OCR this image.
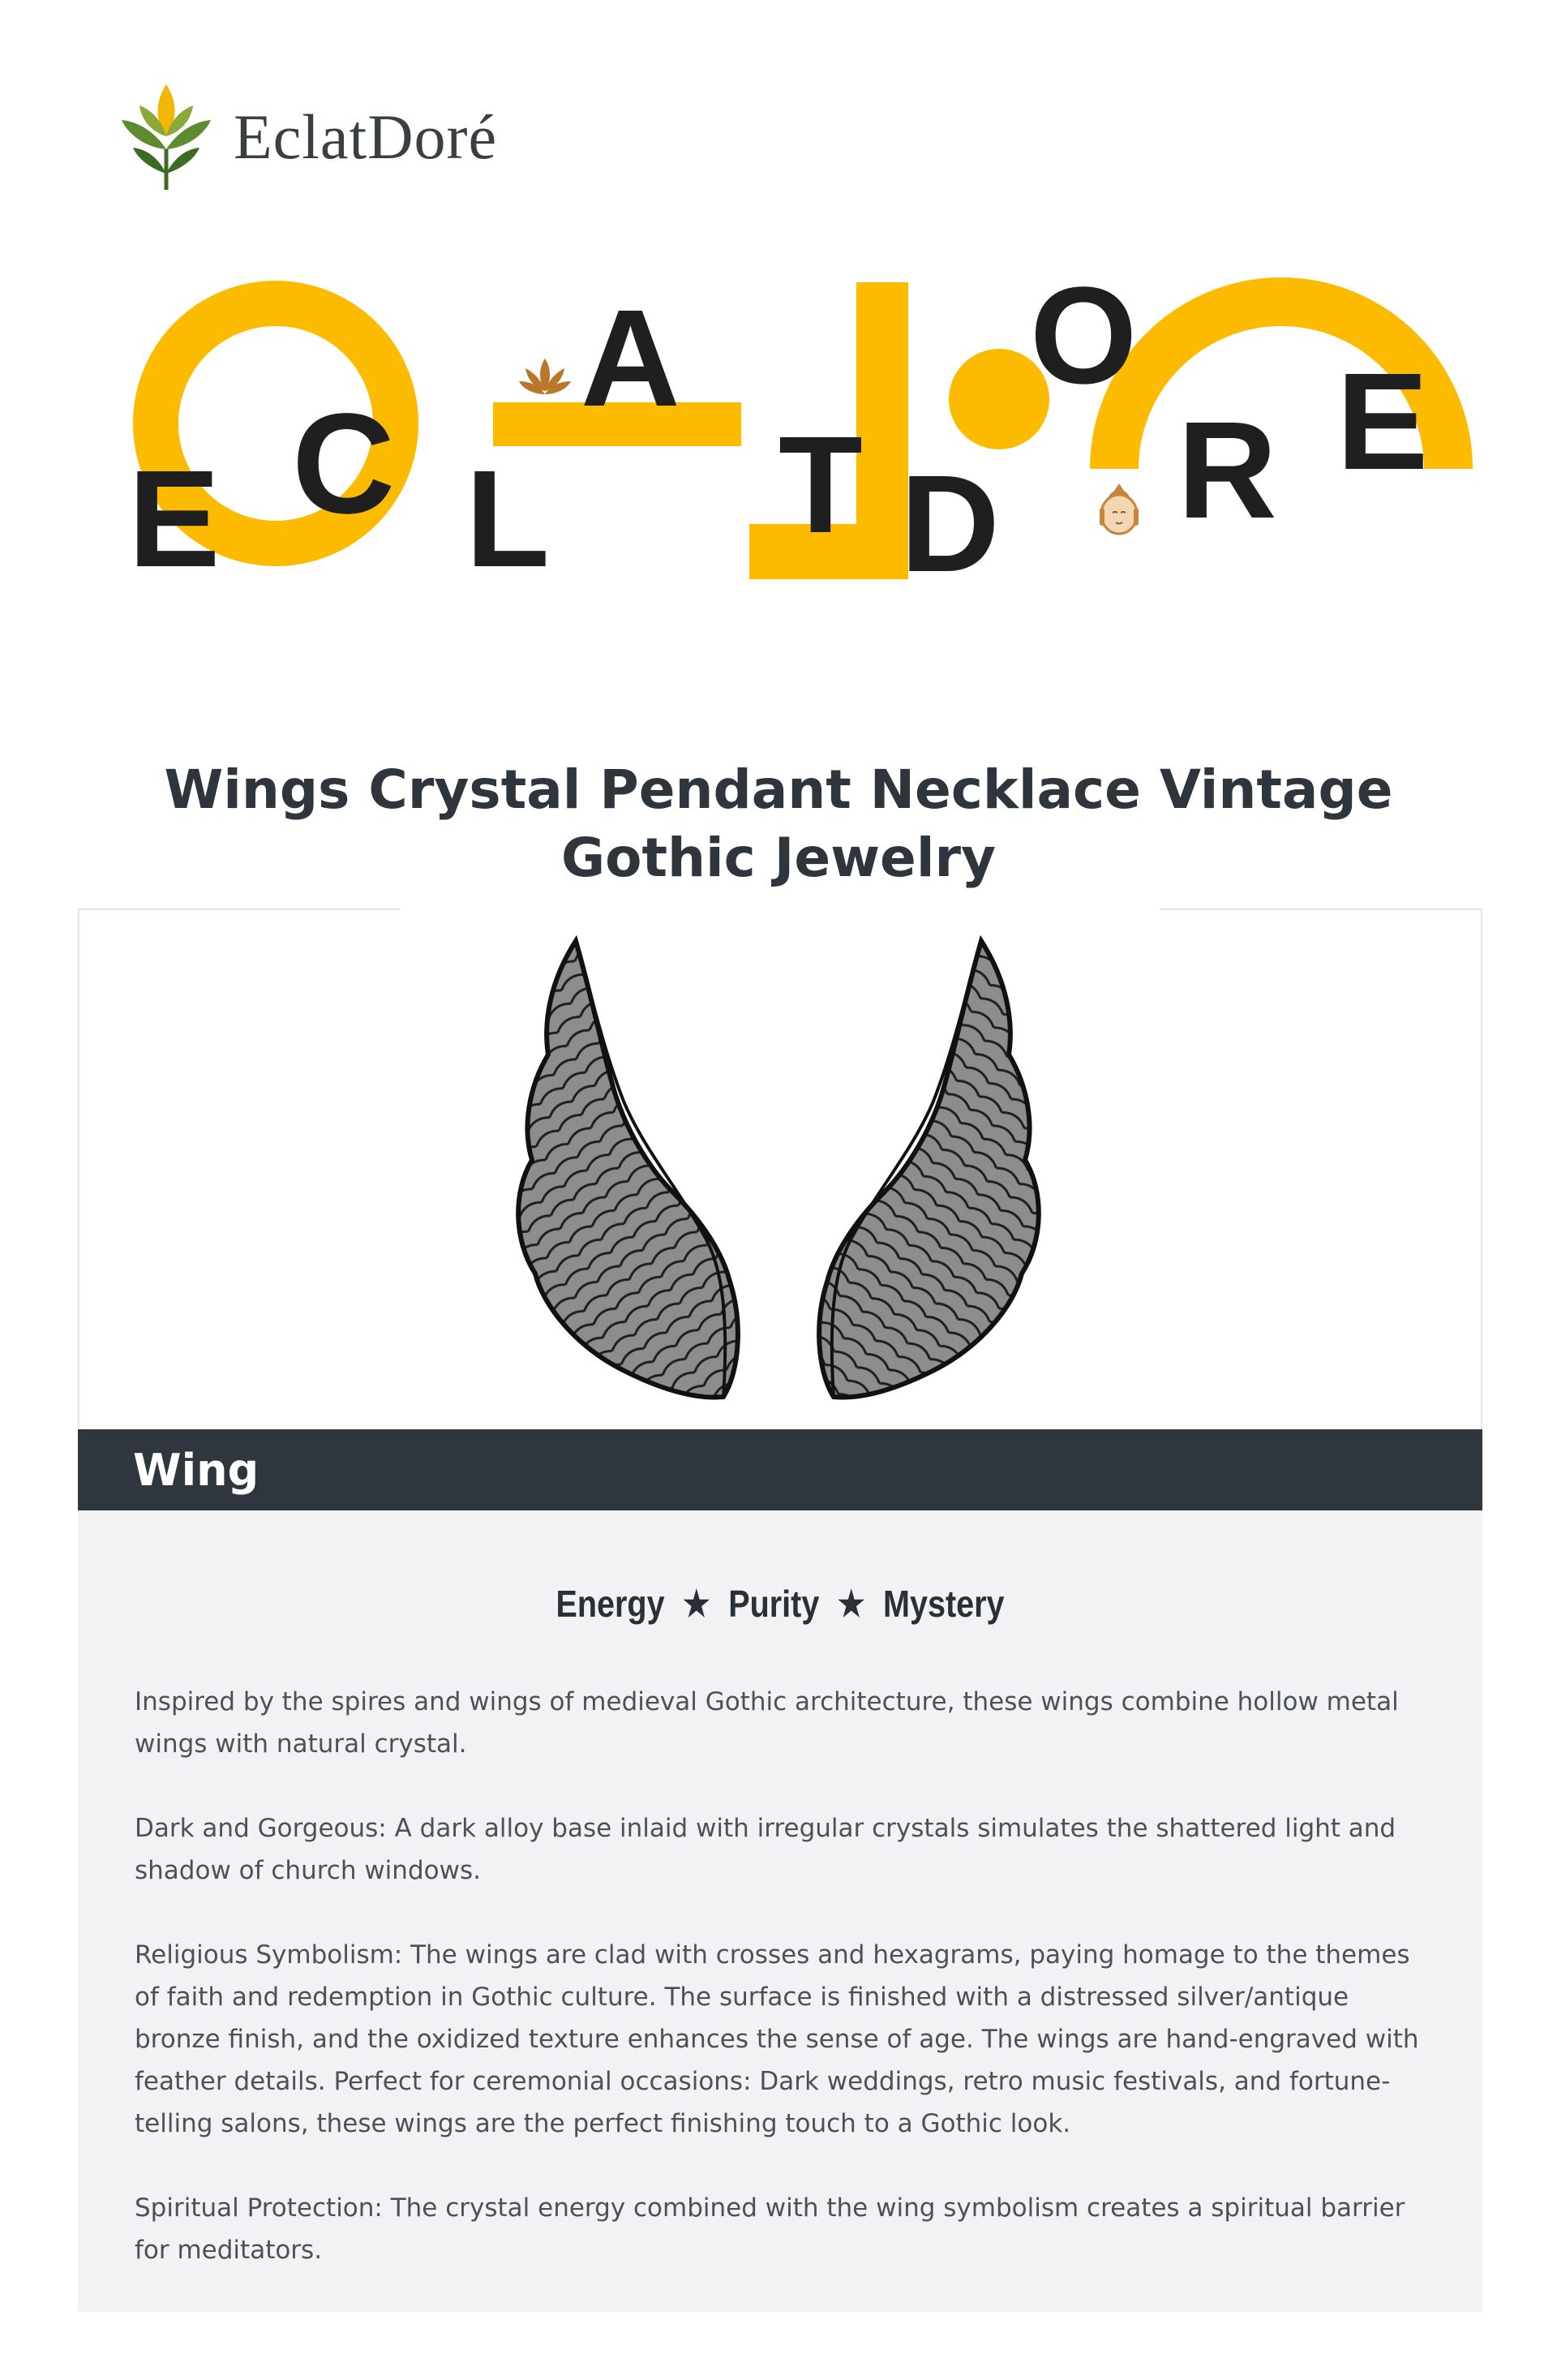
EclatDoré
E C L
A
T D
O
R E
Wings Crystal Pendant Necklace Vintage Gothic Jewelry
Wing
Energy ★ Purity ★ Mystery

Inspired by the spires and wings of medieval Gothic architecture, these wings combine hollow metal wings with natural crystal.

Dark and Gorgeous: A dark alloy base inlaid with irregular crystals simulates the shattered light and shadow of church windows.

Religious Symbolism: The wings are clad with crosses and hexagrams, paying homage to the themes of faith and redemption in Gothic culture. The surface is finished with a distressed silver/antique bronze finish, and the oxidized texture enhances the sense of age. The wings are hand-engraved with feather details. Perfect for ceremonial occasions: Dark weddings, retro music festivals, and fortune-telling salons, these wings are the perfect finishing touch to a Gothic look.

Spiritual Protection: The crystal energy combined with the wing symbolism creates a spiritual barrier for meditators.
